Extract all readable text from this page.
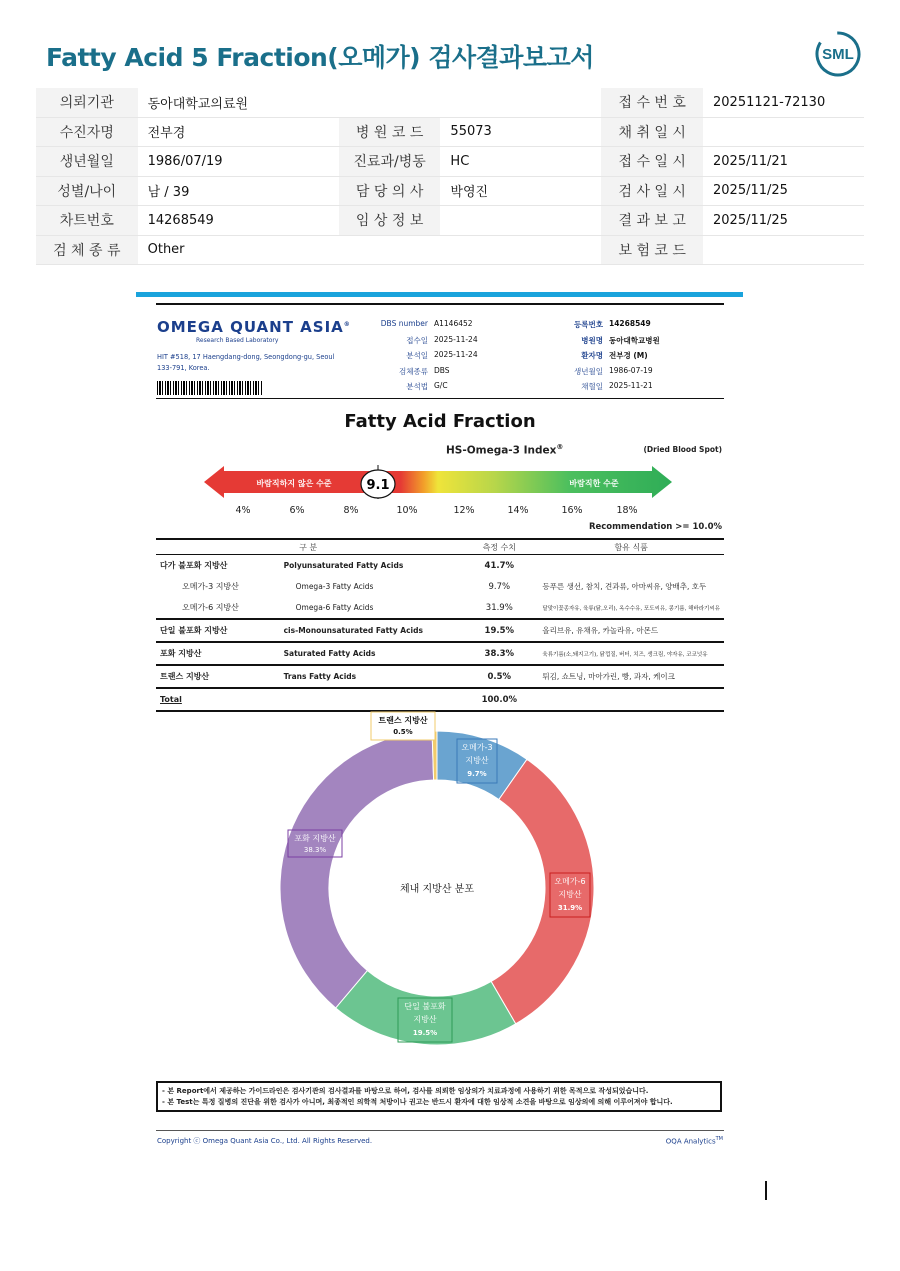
Fatty Acid 5 Fraction(오메가) 검사결과보고서	SML
의뢰기관	동아대학교의료원			접 수 번 호	20251121-72130
수진자명	전부경	병 원 코 드	55073	채 취 일 시	
생년월일	1986/07/19	진료과/병동	HC	접 수 일 시	2025/11/21
성별/나이	남 / 39	담 당 의 사	박영진	검 사 일 시	2025/11/25
차트번호	14268549	임 상 정 보		결 과 보 고	2025/11/25
검 체 종 류	Other			보 험 코 드	
OMEGA QUANT ASIA®
Research Based Laboratory
HIT #518, 17 Haengdang-dong, Seongdong-gu, Seoul 133-791, Korea.
DBS number A1146452
접수일 2025-11-24
분석일 2025-11-24
검체종류 DBS
분석법 G/C
등록번호 14268549
병원명 동아대학교병원
환자명 전부경 (M)
생년월일 1986-07-19
채혈일 2025-11-21
Fatty Acid Fraction
HS-Omega-3 Index®	(Dried Blood Spot)
바람직하지 않은 수준	바람직한 수준
9.1
4%	6%	8%	10%	12%	14%	16%	18%
Recommendation >= 10.0%
구 분		측정 수치	함유 식품
다가 불포화 지방산	Polyunsaturated Fatty Acids	41.7%	
오메가-3 지방산	Omega-3 Fatty Acids	9.7%	등푸른 생선, 참치, 견과류, 아마씨유, 양배추, 호두
오메가-6 지방산	Omega-6 Fatty Acids	31.9%	달맞이꽃종자유, 육류(닭,오리), 옥수수유, 포도씨유, 콩기름, 해바라기씨유
단일 불포화 지방산	cis-Monounsaturated Fatty Acids	19.5%	올리브유, 유채유, 카놀라유, 아몬드
포화 지방산	Saturated Fatty Acids	38.3%	육류기름(소,돼지고기), 닭껍질, 버터, 치즈, 생크림, 야자유, 코코넛유
트랜스 지방산	Trans Fatty Acids	0.5%	튀김, 쇼트닝, 마아가린, 빵, 과자, 케이크
Total		100.0%	
오메가-3
지방산
9.7%
오메가-6
지방산
31.9%
단일 불포화
지방산
19.5%
포화 지방산
38.3%
트랜스 지방산
0.5%
체내 지방산 분포
- 본 Report에서 제공하는 가이드라인은 검사기관의 검사결과를 바탕으로 하여, 검사를 의뢰한 임상의가 치료과정에 사용하기 위한 목적으로 작성되었습니다.
- 본 Test는 특정 질병의 진단을 위한 검사가 아니며, 최종적인 의학적 처방이나 권고는 반드시 환자에 대한 임상적 소견을 바탕으로 임상의에 의해 이루어져야 합니다.
Copyright ⓒ Omega Quant Asia Co., Ltd. All Rights Reserved.	OQA Analytics™
